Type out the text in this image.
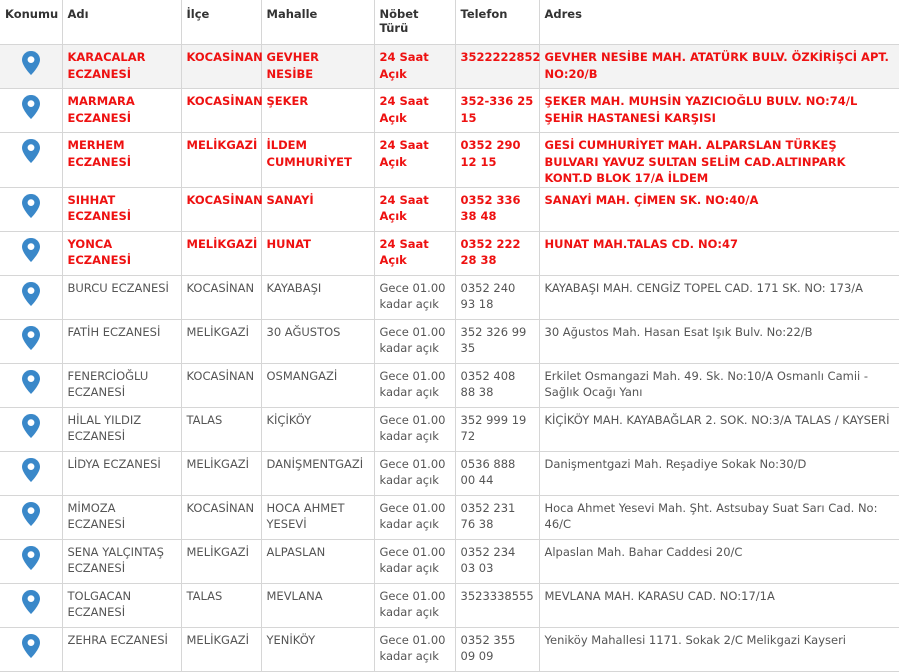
Konumu	Adı	İlçe	Mahalle	Nöbet Türü	Telefon	Adres
	KARACALAR ECZANESİ	KOCASİNAN	GEVHER NESİBE	24 Saat Açık	3522222852	GEVHER NESİBE MAH. ATATÜRK BULV. ÖZKİRİŞCİ APT. NO:20/B
	MARMARA ECZANESİ	KOCASİNAN	ŞEKER	24 Saat Açık	352-336 25 15	ŞEKER MAH. MUHSİN YAZICIOĞLU BULV. NO:74/L ŞEHİR HASTANESİ KARŞISI
	MERHEM ECZANESİ	MELİKGAZİ	İLDEM CUMHURİYET	24 Saat Açık	0352 290 12 15	GESİ CUMHURİYET MAH. ALPARSLAN TÜRKEŞ BULVARI YAVUZ SULTAN SELİM CAD.ALTINPARK KONT.D BLOK 17/A İLDEM
	SIHHAT ECZANESİ	KOCASİNAN	SANAYİ	24 Saat Açık	0352 336 38 48	SANAYİ MAH. ÇİMEN SK. NO:40/A
	YONCA ECZANESİ	MELİKGAZİ	HUNAT	24 Saat Açık	0352 222 28 38	HUNAT MAH.TALAS CD. NO:47
	BURCU ECZANESİ	KOCASİNAN	KAYABAŞI	Gece 01.00 kadar açık	0352 240 93 18	KAYABAŞI MAH. CENGİZ TOPEL CAD. 171 SK. NO: 173/A
	FATİH ECZANESİ	MELİKGAZİ	30 AĞUSTOS	Gece 01.00 kadar açık	352 326 99 35	30 Ağustos Mah. Hasan Esat Işık Bulv. No:22/B
	FENERCİOĞLU ECZANESİ	KOCASİNAN	OSMANGAZİ	Gece 01.00 kadar açık	0352 408 88 38	Erkilet Osmangazi Mah. 49. Sk. No:10/A Osmanlı Camii - Sağlık Ocağı Yanı
	HİLAL YILDIZ ECZANESİ	TALAS	KİÇİKÖY	Gece 01.00 kadar açık	352 999 19 72	KİÇİKÖY MAH. KAYABAĞLAR 2. SOK. NO:3/A TALAS / KAYSERİ
	LİDYA ECZANESİ	MELİKGAZİ	DANİŞMENTGAZİ	Gece 01.00 kadar açık	0536 888 00 44	Danişmentgazi Mah. Reşadiye Sokak No:30/D
	MİMOZA ECZANESİ	KOCASİNAN	HOCA AHMET YESEVİ	Gece 01.00 kadar açık	0352 231 76 38	Hoca Ahmet Yesevi Mah. Şht. Astsubay Suat Sarı Cad. No: 46/C
	SENA YALÇINTAŞ ECZANESİ	MELİKGAZİ	ALPASLAN	Gece 01.00 kadar açık	0352 234 03 03	Alpaslan Mah. Bahar Caddesi 20/C
	TOLGACAN ECZANESİ	TALAS	MEVLANA	Gece 01.00 kadar açık	3523338555	MEVLANA MAH. KARASU CAD. NO:17/1A
	ZEHRA ECZANESİ	MELİKGAZİ	YENİKÖY	Gece 01.00 kadar açık	0352 355 09 09	Yeniköy Mahallesi 1171. Sokak 2/C Melikgazi Kayseri
